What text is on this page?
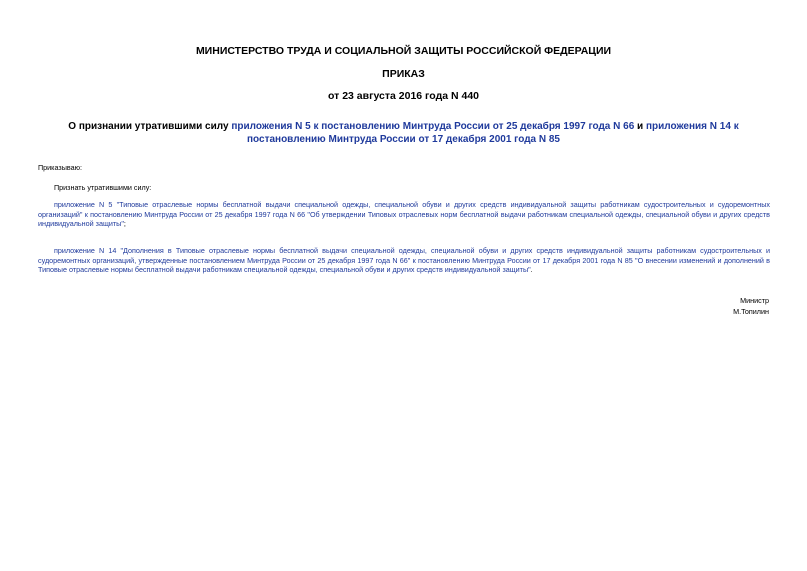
МИНИСТЕРСТВО ТРУДА И СОЦИАЛЬНОЙ ЗАЩИТЫ РОССИЙСКОЙ ФЕДЕРАЦИИ
ПРИКАЗ
от 23 августа 2016 года N 440
О признании утратившими силу приложения N 5 к постановлению Минтруда России от 25 декабря 1997 года N 66 и приложения N 14 к постановлению Минтруда России от 17 декабря 2001 года N 85
Приказываю:
Признать утратившими силу:
приложение N 5 "Типовые отраслевые нормы бесплатной выдачи специальной одежды, специальной обуви и других средств индивидуальной защиты работникам судостроительных и судоремонтных организаций" к постановлению Минтруда России от 25 декабря 1997 года N 66 "Об утверждении Типовых отраслевых норм бесплатной выдачи работникам специальной одежды, специальной обуви и других средств индивидуальной защиты";
приложение N 14 "Дополнения в Типовые отраслевые нормы бесплатной выдачи специальной одежды, специальной обуви и других средств индивидуальной защиты работникам судостроительных и судоремонтных организаций, утвержденные постановлением Минтруда России от 25 декабря 1997 года N 66" к постановлению Минтруда России от 17 декабря 2001 года N 85 "О внесении изменений и дополнений в Типовые отраслевые нормы бесплатной выдачи работникам специальной одежды, специальной обуви и других средств индивидуальной защиты".
Министр
М.Топилин
